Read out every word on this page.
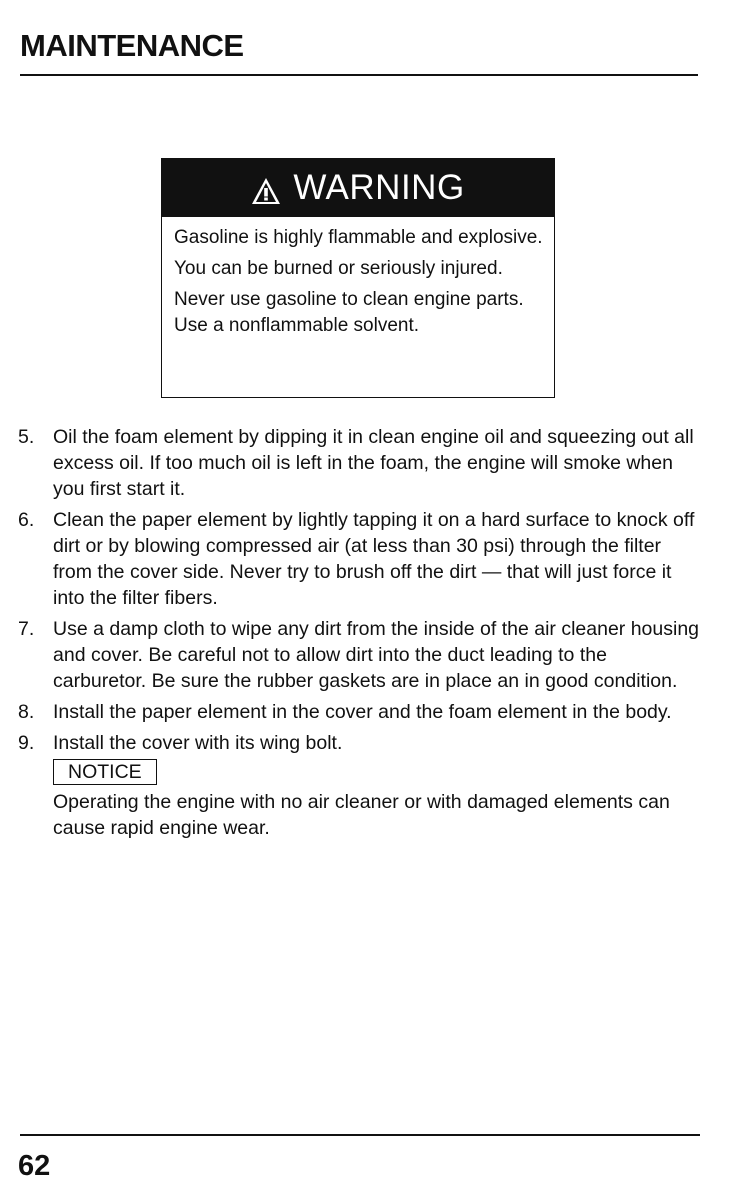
MAINTENANCE
WARNING

Gasoline is highly flammable and explosive.

You can be burned or seriously injured.

Never use gasoline to clean engine parts. Use a nonflammable solvent.

5. Oil the foam element by dipping it in clean engine oil and squeezing out all excess oil. If too much oil is left in the foam, the engine will smoke when you first start it.

6. Clean the paper element by lightly tapping it on a hard surface to knock off dirt or by blowing compressed air (at less than 30 psi) through the filter from the cover side. Never try to brush off the dirt — that will just force it into the filter fibers.

7. Use a damp cloth to wipe any dirt from the inside of the air cleaner housing and cover. Be careful not to allow dirt into the duct leading to the carburetor. Be sure the rubber gaskets are in place an in good condition.

8. Install the paper element in the cover and the foam element in the body.

9. Install the cover with its wing bolt.

NOTICE

Operating the engine with no air cleaner or with damaged elements can cause rapid engine wear.

62
